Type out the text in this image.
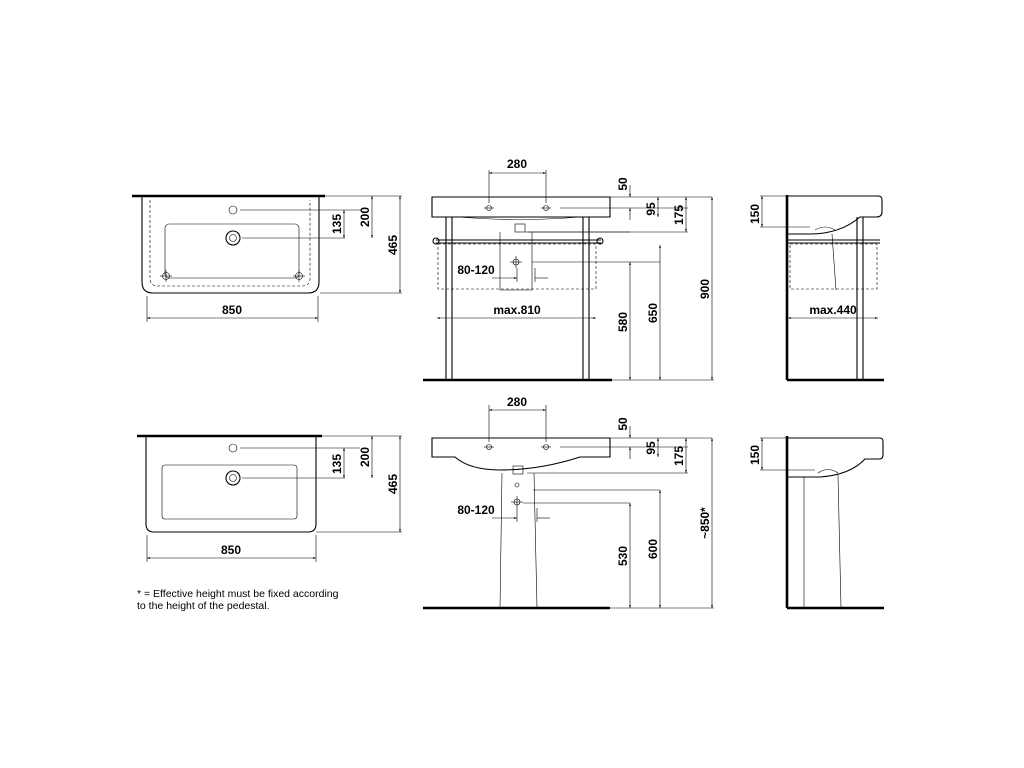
850
135 200
465
280
50
95 175
80-120
max.810
580 650
900
150
max.440
135 200
465
850
280
50
95 175
80-120
530 600
~850*
150
* = Effective height must be fixed according
to the height of the pedestal.
